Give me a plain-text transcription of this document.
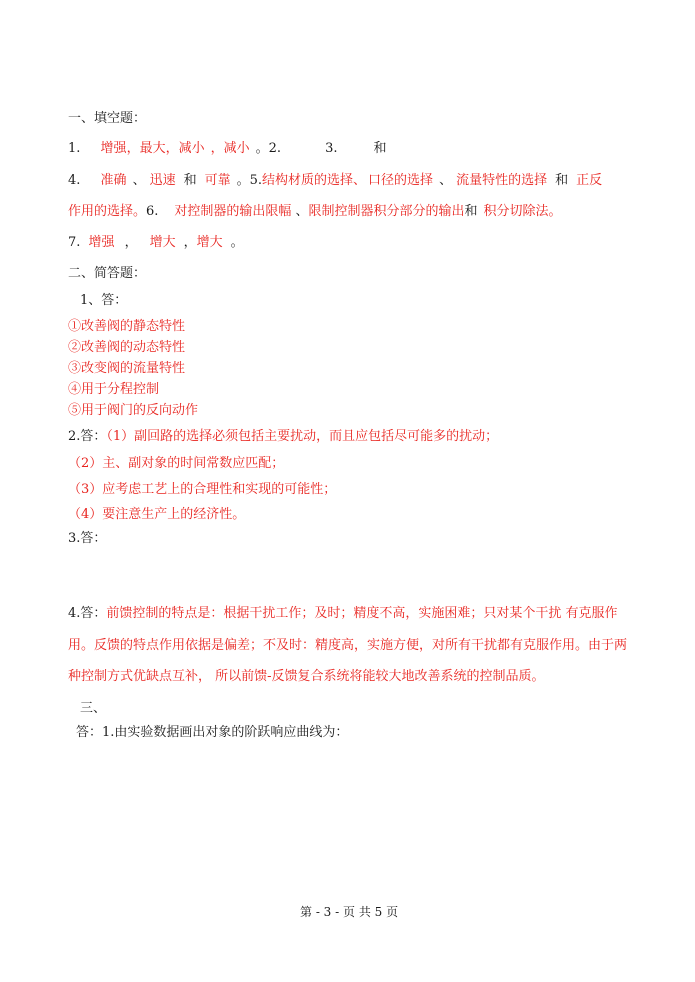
一、填空题：
1. 增强，最大，减小 ，减小 。2.	3.	和
4. 准确 、 迅速 和 可靠 。5.结构材质的选择、 口径的选择 、 流量特性的选择 和 正反
作用的选择。6. 对控制器的输出限幅 、限制控制器积分部分的输出和 积分切除法。
7. 增强 ， 增大 ，增大 。
二、简答题：
1、答：
①改善阀的静态特性
②改善阀的动态特性
③改变阀的流量特性
④用于分程控制
⑤用于阀门的反向动作
2.答：（1）副回路的选择必须包括主要扰动，而且应包括尽可能多的扰动；
（2）主、副对象的时间常数应匹配；
（3）应考虑工艺上的合理性和实现的可能性；
（4）要注意生产上的经济性。
3.答：
4.答：前馈控制的特点是：根据干扰工作；及时；精度不高，实施困难；只对某个干扰 有克服作
用。反馈的特点作用依据是偏差；不及时：精度高，实施方便，对所有干扰都有克服作用。由于两
种控制方式优缺点互补， 所以前馈-反馈复合系统将能较大地改善系统的控制品质。
三、
答：1.由实验数据画出对象的阶跃响应曲线为：
第 - 3 - 页 共 5 页
